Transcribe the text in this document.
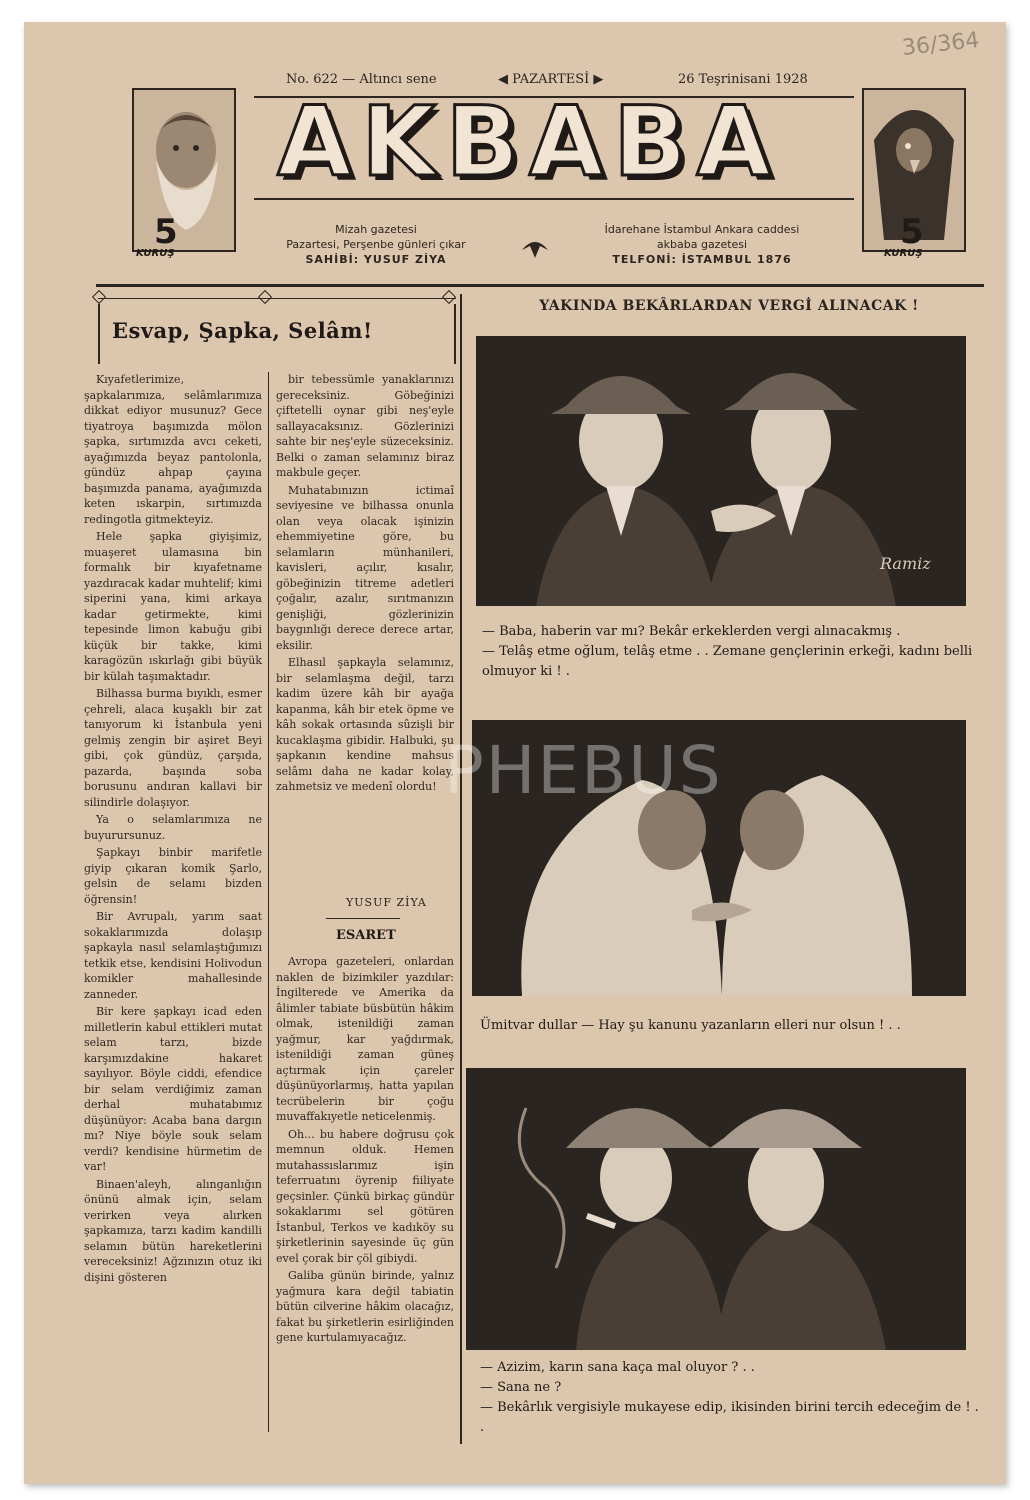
36/364
No. 622 — Altıncı sene	◀ PAZARTESİ ▶	26 Teşrinisani 1928
5
KURUŞ
5
KURUŞ
AKBABA
Mizah gazetesi
Pazartesi, Perşenbe günleri çıkar
SAHİBİ: YUSUF ZİYA
İdarehane İstambul Ankara caddesi
akbaba gazetesi
TELFONİ: İSTAMBUL 1876
Esvap, Şapka, Selâm!

Kıyafetlerimize, şapkalarımıza, selâmlarımıza dikkat ediyor musunuz? Gece tiyatroya başımızda mölon şapka, sırtımızda avcı ceketi, ayağımızda beyaz pantolonla, gündüz ahpap çayına başımızda panama, ayağımızda keten ıskarpin, sırtımızda redingotla gitmekteyiz.

Hele şapka giyişimiz, muaşeret ulamasına bin formalık bir kıyafetname yazdıracak kadar muhtelif; kimi siperini yana, kimi arkaya kadar getirmekte, kimi tepesinde limon kabuğu gibi küçük bir takke, kimi karagözün ıskırlağı gibi büyük bir külah taşımaktadır.

Bilhassa burma bıyıklı, esmer çehreli, alaca kuşaklı bir zat tanıyorum ki İstanbula yeni gelmiş zengin bir aşiret Beyi gibi, çok gündüz, çarşıda, pazarda, başında soba borusunu andıran kallavi bir silindirle dolaşıyor.

Ya o selamlarımıza ne buyurursunuz.

Şapkayı binbir marifetle giyip çıkaran komik Şarlo, gelsin de selamı bizden öğrensin!

Bir Avrupalı, yarım saat sokaklarımızda dolaşıp şapkayla nasıl selamlaştığımızı tetkik etse, kendisini Holivodun komikler mahallesinde zanneder.

Bir kere şapkayı icad eden milletlerin kabul ettikleri mutat selam tarzı, bizde karşımızdakine hakaret sayılıyor. Böyle ciddi, efendice bir selam verdiğimiz zaman derhal muhatabımız düşünüyor: Acaba bana dargın mı? Niye böyle souk selam verdi? kendisine hürmetim de var!

Binaen'aleyh, alınganlığın önünü almak için, selam verirken veya alırken şapkamıza, tarzı kadim kandilli selamın bütün hareketlerini vereceksiniz! Ağzınızın otuz iki dişini gösteren

bir tebessümle yanaklarınızı gereceksiniz. Göbeğinizi çiftetelli oynar gibi neş'eyle sallayacaksınız. Gözlerinizi sahte bir neş'eyle süzeceksiniz. Belki o zaman selamınız biraz makbule geçer.

Muhatabınızın ictimaî seviyesine ve bilhassa onunla olan veya olacak işinizin ehemmiyetine göre, bu selamların münhanileri, kavisleri, açılır, kısalır, göbeğinizin titreme adetleri çoğalır, azalır, sırıtmanızın genişliği, gözlerinizin baygınlığı derece derece artar, eksilir.

Elhasıl şapkayla selamınız, bir selamlaşma değil, tarzı kadim üzere kâh bir ayağa kapanma, kâh bir etek öpme ve kâh sokak ortasında sûzişli bir kucaklaşma gibidir. Halbuki, şu şapkanın kendine mahsus selâmı daha ne kadar kolay, zahmetsiz ve medenî olordu!

YUSUF ZİYA
ESARET

Avropa gazeteleri, onlardan naklen de bizimkiler yazdılar: İngilterede ve Amerika da âlimler tabiate büsbütün hâkim olmak, istenildiği zaman yağmur, kar yağdırmak, istenildiği zaman güneş açtırmak için çareler düşünüyorlarmış, hatta yapılan tecrübelerin bir çoğu muvaffakıyetle neticelenmiş.

Oh... bu habere doğrusu çok memnun olduk. Hemen mutahassıslarımız işin teferruatını öyrenip fiiliyate geçsinler. Çünkü birkaç gündür sokaklarımı sel götüren İstanbul, Terkos ve kadıköy su şirketlerinin sayesinde üç gün evel çorak bir çöl gibiydi.

Galiba günün birinde, yalnız yağmura kara değil tabiatin bütün cilverine hâkim olacağız, fakat bu şirketlerin esirliğinden gene kurtulamıyacağız.

YAKINDA BEKÂRLARDAN VERGİ ALINACAK !
Ramiz
— Baba, haberin var mı? Bekâr erkeklerden vergi alınacakmış .
— Telâş etme oğlum, telâş etme . . Zemane gençlerinin erkeği, kadını belli olmuyor ki ! .
PHEBUS
Ümitvar dullar — Hay şu kanunu yazanların elleri nur olsun ! . .
— Azizim, karın sana kaça mal oluyor ? . .
— Sana ne ?
— Bekârlık vergisiyle mukayese edip, ikisinden birini tercih edeceğim de ! . .
